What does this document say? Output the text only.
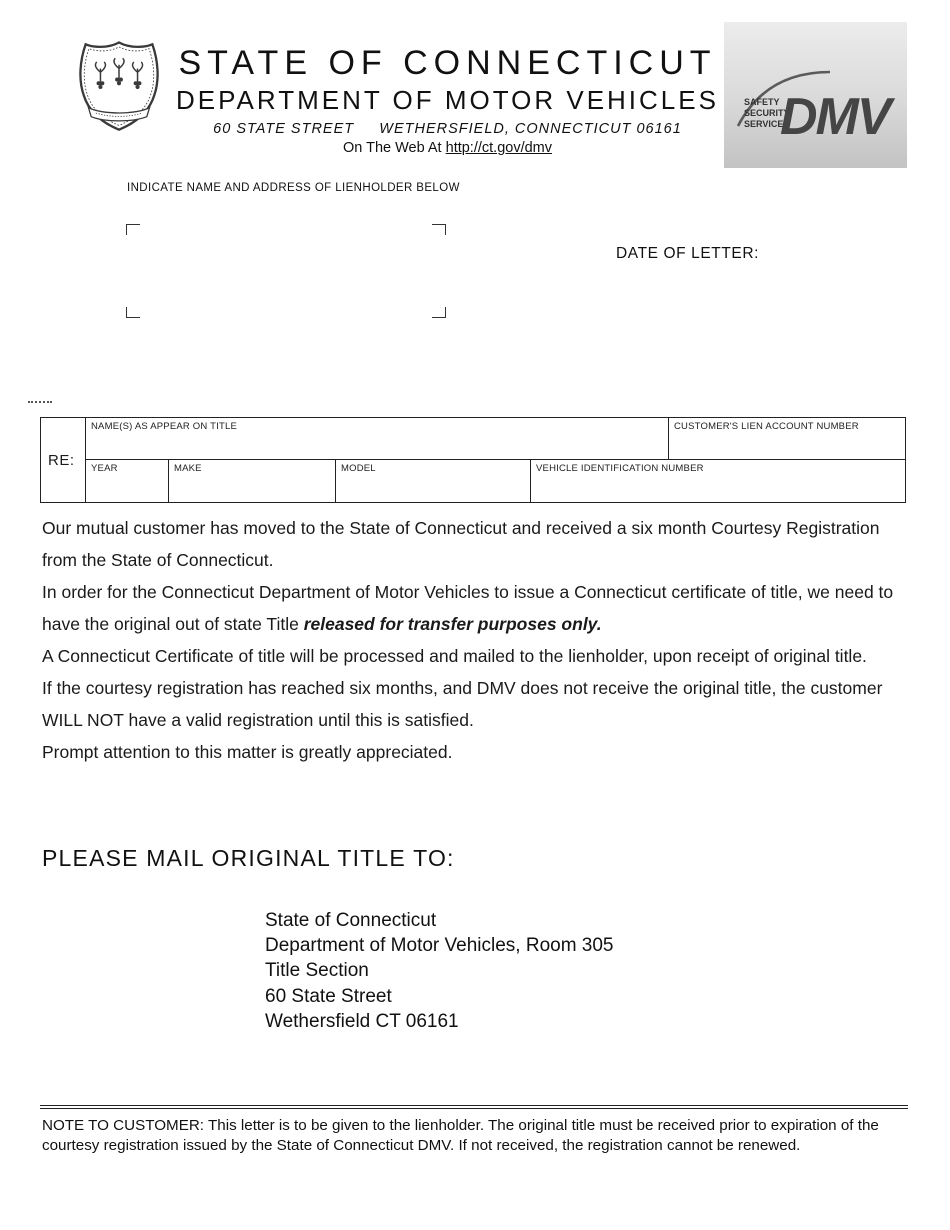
STATE OF CONNECTICUT
DEPARTMENT OF MOTOR VEHICLES
60 STATE STREET     WETHERSFIELD, CONNECTICUT 06161
On The Web At http://ct.gov/dmv
SAFETY
SECURITY
SERVICE
DMV
INDICATE NAME AND ADDRESS OF LIENHOLDER BELOW
DATE OF LETTER:
RE:
NAME(S) AS APPEAR ON TITLE	CUSTOMER'S LIEN ACCOUNT NUMBER
YEAR	MAKE	MODEL	VEHICLE IDENTIFICATION NUMBER

Our mutual customer has moved to the State of Connecticut and received a six month Courtesy Registration from the State of Connecticut.

In order for the Connecticut Department of Motor Vehicles to issue a Connecticut certificate of title, we need to have the original out of state Title released for transfer purposes only.

A Connecticut Certificate of title will be processed and mailed to the lienholder, upon receipt of original title.

If the courtesy registration has reached six months, and DMV does not receive the original title, the customer WILL NOT have a valid registration until this is satisfied.

Prompt attention to this matter is greatly appreciated.

PLEASE MAIL ORIGINAL TITLE TO:
State of Connecticut
Department of Motor Vehicles, Room 305
Title Section
60 State Street
Wethersfield CT 06161
NOTE TO CUSTOMER: This letter is to be given to the lienholder. The original title must be received prior to expiration of the courtesy registration issued by the State of Connecticut DMV. If not received, the registration cannot be renewed.
